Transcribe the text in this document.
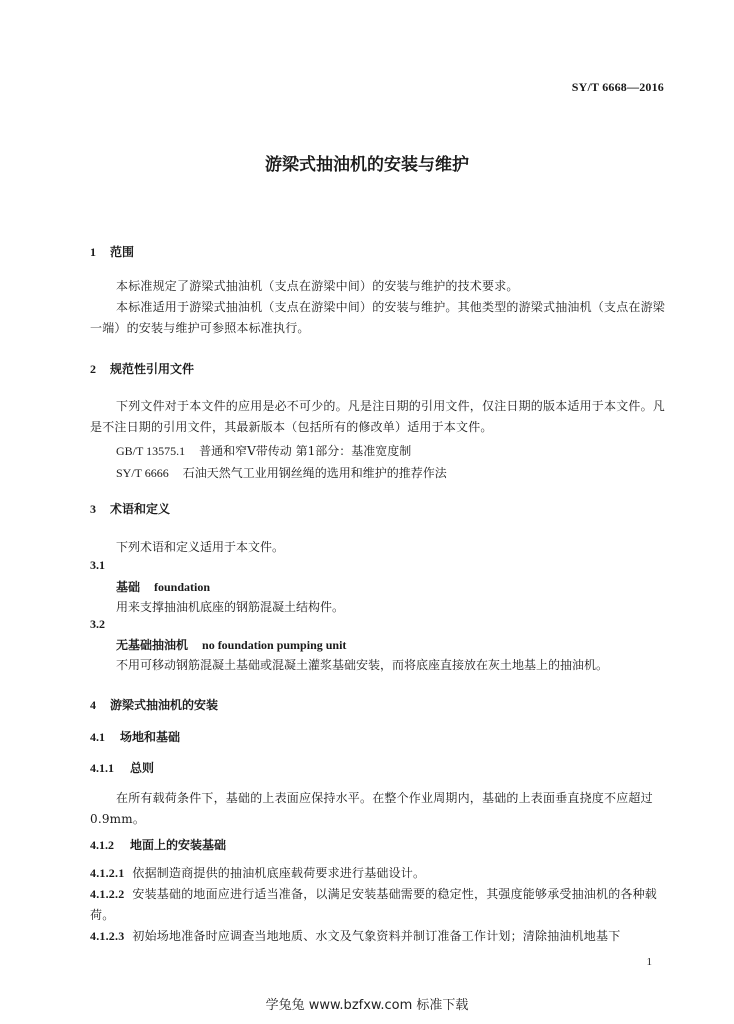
SY/T 6668—2016
游梁式抽油机的安装与维护
1 范围
本标准规定了游梁式抽油机（支点在游梁中间）的安装与维护的技术要求。
本标准适用于游梁式抽油机（支点在游梁中间）的安装与维护。其他类型的游梁式抽油机（支点在游梁一端）的安装与维护可参照本标准执行。
2 规范性引用文件
下列文件对于本文件的应用是必不可少的。凡是注日期的引用文件，仅注日期的版本适用于本文件。凡是不注日期的引用文件，其最新版本（包括所有的修改单）适用于本文件。
GB/T 13575.1 普通和窄V带传动 第1部分：基准宽度制
SY/T 6666 石油天然气工业用钢丝绳的选用和维护的推荐作法
3 术语和定义
下列术语和定义适用于本文件。
3.1
基础 foundation
用来支撑抽油机底座的钢筋混凝土结构件。
3.2
无基础抽油机 no foundation pumping unit
不用可移动钢筋混凝土基础或混凝土灌浆基础安装，而将底座直接放在灰土地基上的抽油机。
4 游梁式抽油机的安装
4.1 场地和基础
4.1.1 总则
在所有载荷条件下，基础的上表面应保持水平。在整个作业周期内，基础的上表面垂直挠度不应超过0.9mm。
4.1.2 地面上的安装基础
4.1.2.1 依据制造商提供的抽油机底座载荷要求进行基础设计。
4.1.2.2 安装基础的地面应进行适当准备，以满足安装基础需要的稳定性，其强度能够承受抽油机的各种载荷。
4.1.2.3 初始场地准备时应调查当地地质、水文及气象资料并制订准备工作计划；清除抽油机地基下
1
学兔兔 www.bzfxw.com 标准下载
